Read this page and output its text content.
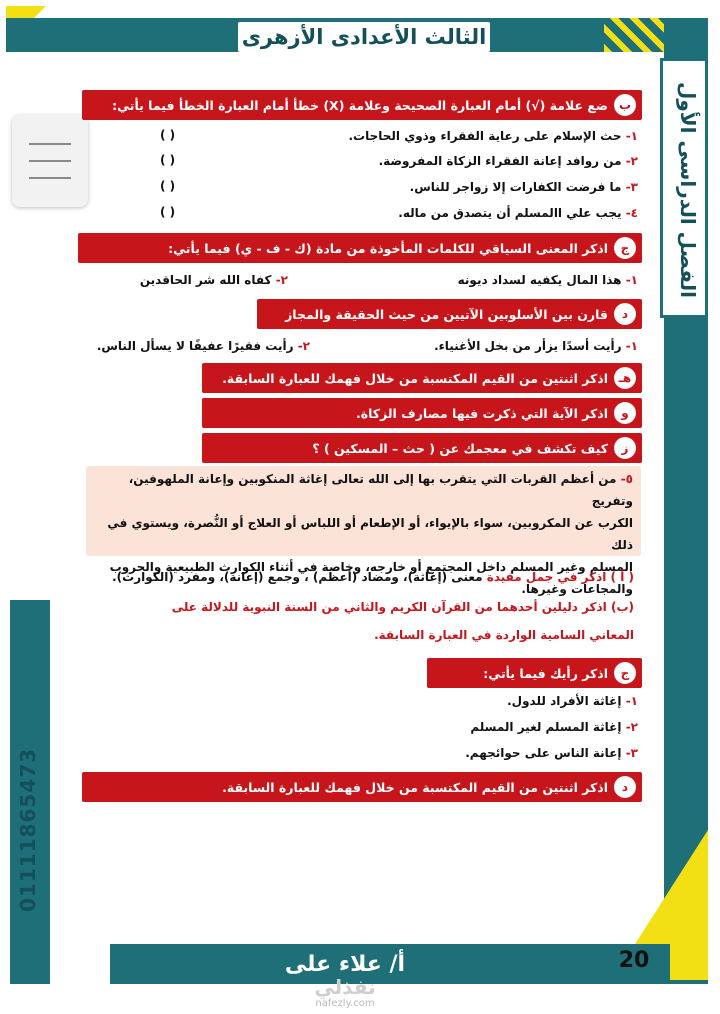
الثالث الأعدادى الأزهرى
الفصل الدراسى الأول
01111865473
أ/ علاء على	20
نفذلي
nafezly.com
ب
ضع علامة (√) أمام العبارة الصحيحة وعلامة (X) خطأ أمام العبارة الخطأ فيما يأتي:
١- حث الإسلام على رعاية الفقراء وذوي الحاجات.
( )
٢- من روافد إعانة الفقراء الزكاة المفروضة.
( )
٣- ما فرضت الكفارات إلا زواجر للناس.
( )
٤- يجب علي االمسلم أن يتصدق من ماله.
( )
ج
اذكر المعنى السياقي للكلمات المأخوذة من مادة (ك - ف - ي) فيما يأتي:
١- هذا المال يكفيه لسداد ديونه
٢- كفاه الله شر الحاقدين
د
قارن بين الأسلوبين الآتيين من حيث الحقيقة والمجاز
١- رأيت أسدًا يزأر من بخل الأغنياء.
٢- رأيت فقيرًا عفيفًا لا يسأل الناس.
هـ
اذكر اثنتين من القيم المكتسبة من خلال فهمك للعبارة السابقة.
و
اذكر الآية التي ذكرت فيها مصارف الزكاة.
ز
كيف تكشف في معجمك عن ( حث – المسكين ) ؟
٥- من أعظم القربات التي يتقرب بها إلى الله تعالى إغاثة المنكوبين وإعانة الملهوفين، وتفريج
الكرب عن المكروبين، سواء بالإيواء، أو الإطعام أو اللباس أو العلاج أو النُّصرة، ويستوي في ذلك
المسلم وغير المسلم داخل المجتمع أو خارجه، وخاصة في أثناء الكوارث الطبيعية والحروب
والمجاعات وغيرها.
( أ ) اذكر في جمل مفيدة معنى (إغاثة)، ومضاد (أعظم) ، وجمع (إعانة)، ومفرد (الكوارث).
(ب) اذكر دليلين أحدهما من القرآن الكريم والثاني من السنة النبوية للدلالة على
المعاني السامية الواردة في العبارة السابقة.
ج
اذكر رأيك فيما يأتي:
١- إغاثة الأفراد للدول.
٢- إغاثة المسلم لغير المسلم
٣- إعانة الناس على حوائجهم.
د
اذكر اثنتين من القيم المكتسبة من خلال فهمك للعبارة السابقة.
